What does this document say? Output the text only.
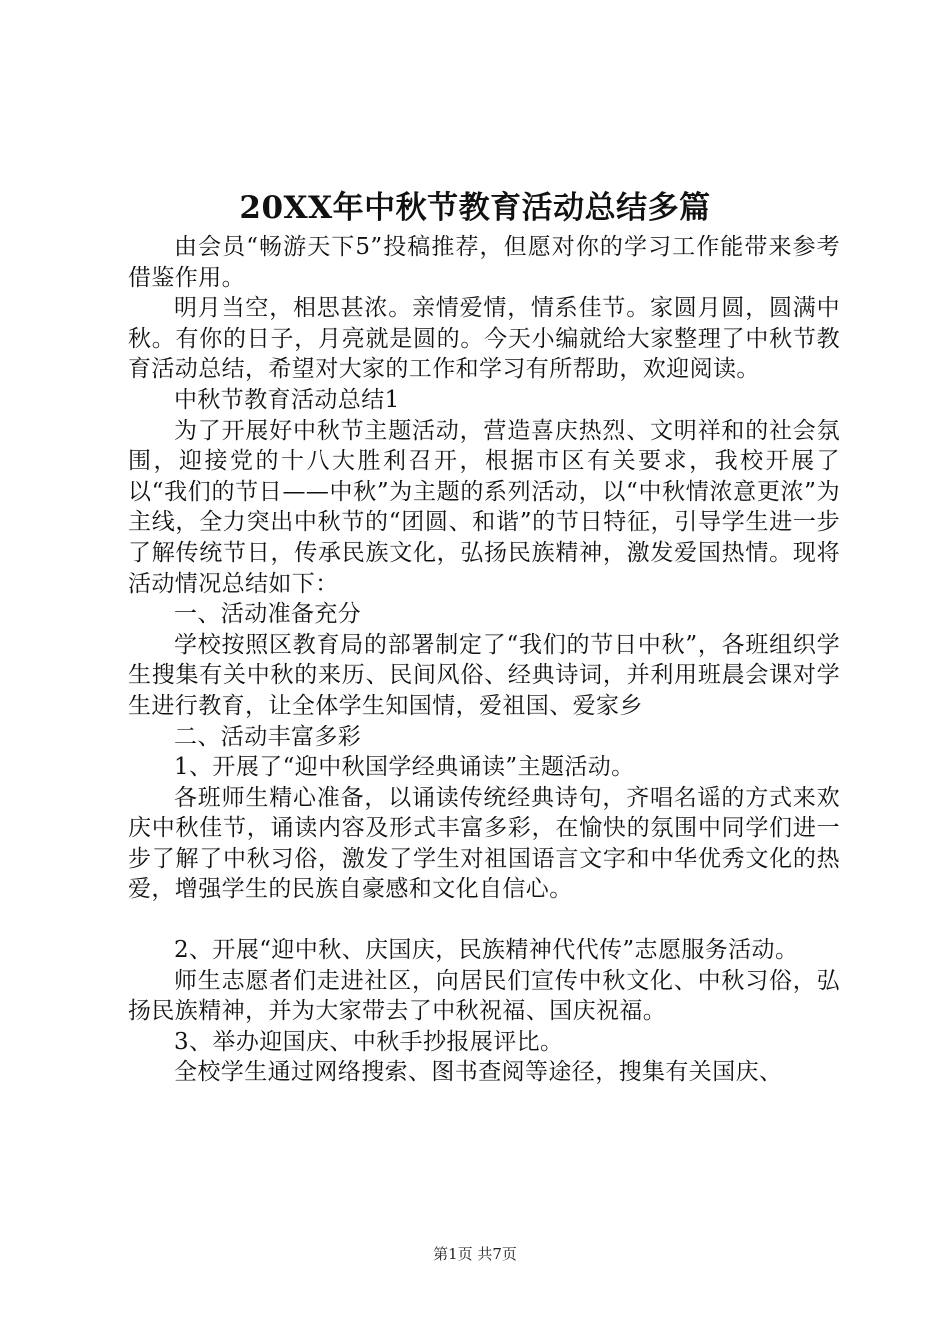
20XX年中秋节教育活动总结多篇

由会员“畅游天下5”投稿推荐，但愿对你的学习工作能带来参考借鉴作用。

明月当空，相思甚浓。亲情爱情，情系佳节。家圆月圆，圆满中秋。有你的日子，月亮就是圆的。今天小编就给大家整理了中秋节教育活动总结，希望对大家的工作和学习有所帮助，欢迎阅读。

中秋节教育活动总结1

为了开展好中秋节主题活动，营造喜庆热烈、文明祥和的社会氛围，迎接党的十八大胜利召开，根据市区有关要求，我校开展了以“我们的节日——中秋”为主题的系列活动，以“中秋情浓意更浓”为主线，全力突出中秋节的“团圆、和谐”的节日特征，引导学生进一步了解传统节日，传承民族文化，弘扬民族精神，激发爱国热情。现将活动情况总结如下：

一、活动准备充分

学校按照区教育局的部署制定了“我们的节日中秋”，各班组织学生搜集有关中秋的来历、民间风俗、经典诗词，并利用班晨会课对学生进行教育，让全体学生知国情，爱祖国、爱家乡

二、活动丰富多彩

1、开展了“迎中秋国学经典诵读”主题活动。

各班师生精心准备，以诵读传统经典诗句，齐唱名谣的方式来欢庆中秋佳节，诵读内容及形式丰富多彩，在愉快的氛围中同学们进一步了解了中秋习俗，激发了学生对祖国语言文字和中华优秀文化的热爱，增强学生的民族自豪感和文化自信心。

2、开展“迎中秋、庆国庆，民族精神代代传”志愿服务活动。

师生志愿者们走进社区，向居民们宣传中秋文化、中秋习俗，弘扬民族精神，并为大家带去了中秋祝福、国庆祝福。

3、举办迎国庆、中秋手抄报展评比。

全校学生通过网络搜索、图书查阅等途径，搜集有关国庆、

第1页 共7页
